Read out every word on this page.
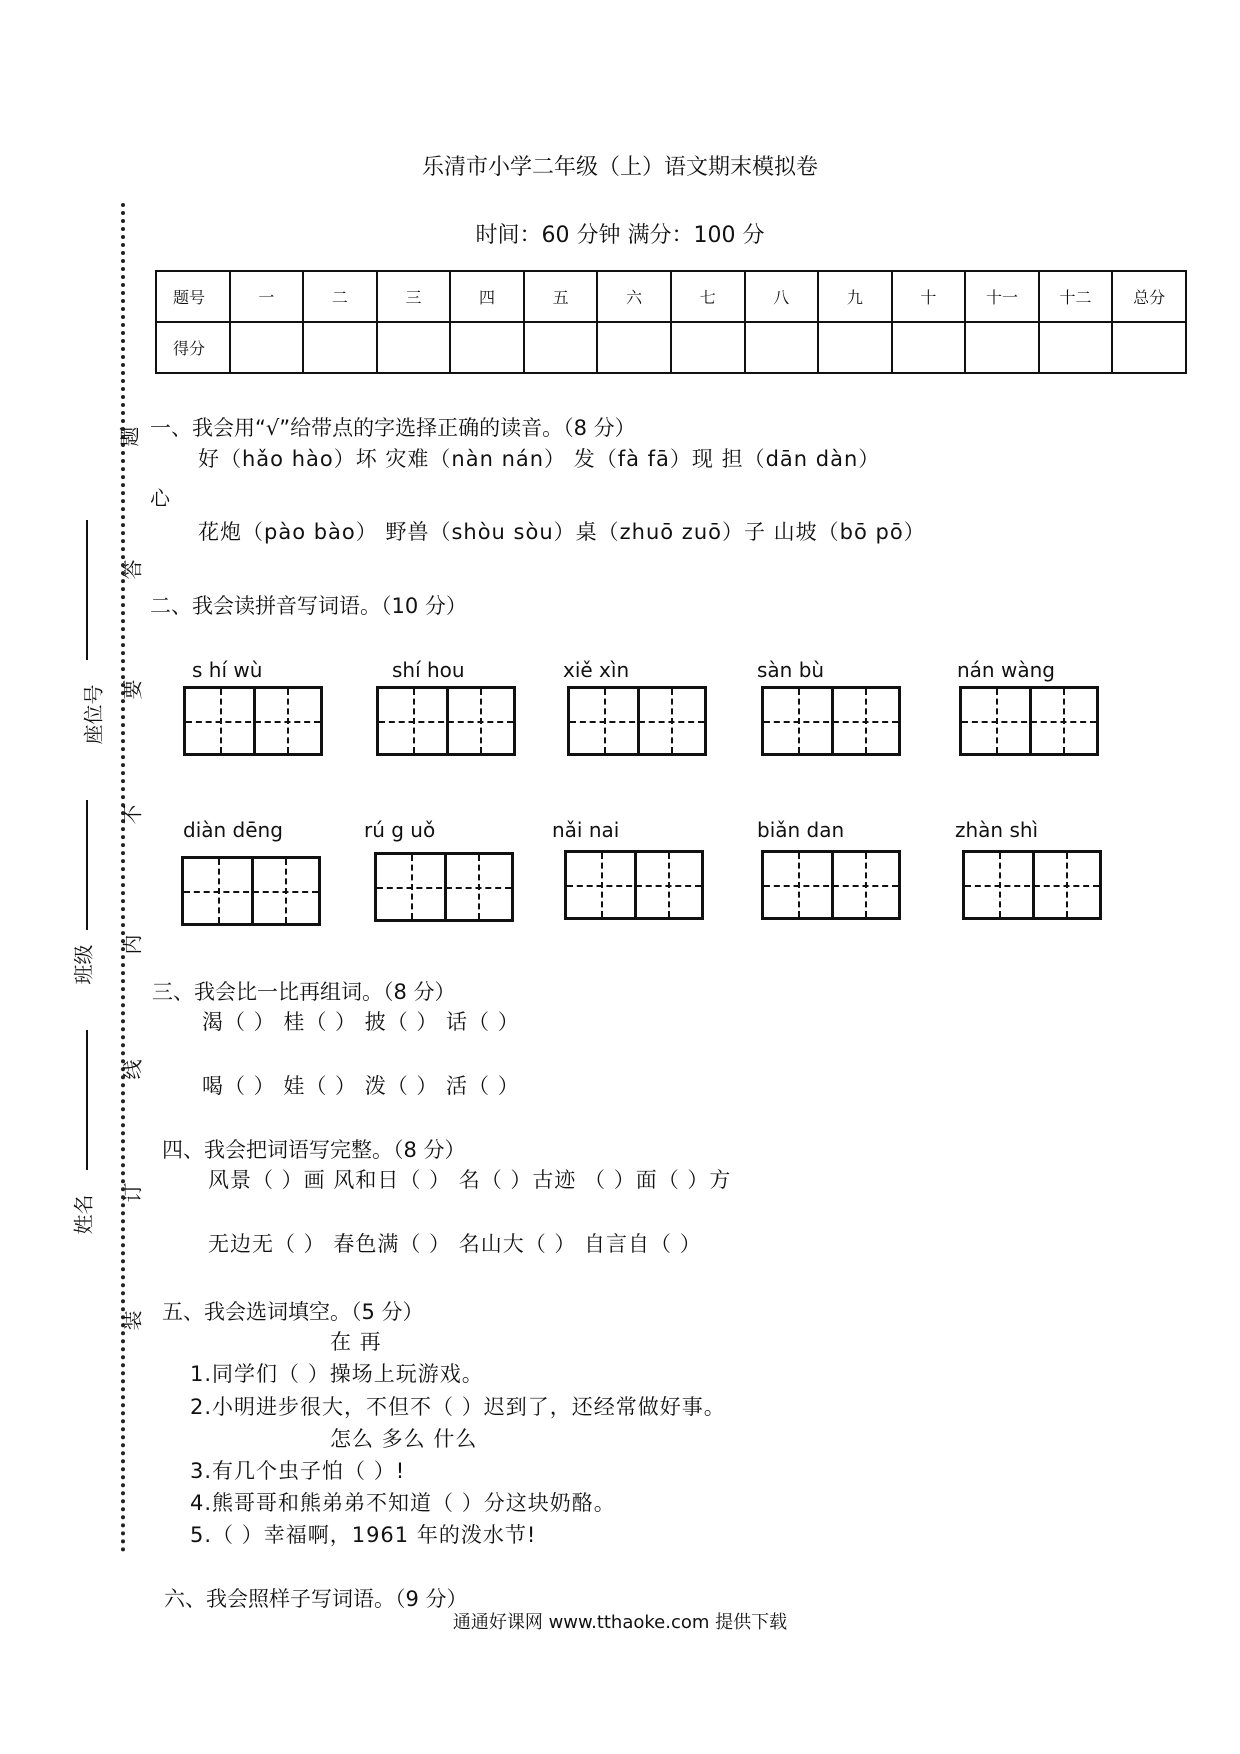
乐清市小学二年级（上）语文期末模拟卷
时间：60 分钟 满分：100 分
题
心
答
要
不
内
线
订
装
座位号
班级
姓名
题号	一	二	三	四	五	六	七	八	九	十	十一	十二	总分
得分													
一、我会用“√”给带点的字选择正确的读音。（8 分）
好（hǎo hào）坏 灾难（nàn nán） 发（fà fā）现 担（dān dàn）
花炮（pào bào） 野兽（shòu sòu）桌（zhuō zuō）子 山坡（bō pō）
二、我会读拼音写词语。（10 分）
s hí wù	shí hou	xiě xìn	sàn bù	nán wàng
diàn dēng	rú g uǒ	nǎi nai	biǎn dan	zhàn shì
三、我会比一比再组词。（8 分）
渴（ ） 桂（ ） 披（ ） 话（ ）
喝（ ） 娃（ ） 泼（ ） 活（ ）
四、我会把词语写完整。（8 分）
风景（ ）画 风和日（ ） 名（ ）古迹 （ ）面（ ）方
无边无（ ） 春色满（ ） 名山大（ ） 自言自（ ）
五、我会选词填空。（5 分）
在 再
1.同学们（ ）操场上玩游戏。
2.小明进步很大，不但不（ ）迟到了，还经常做好事。
怎么 多么 什么
3.有几个虫子怕（ ）!
4.熊哥哥和熊弟弟不知道（ ）分这块奶酪。
5.（ ）幸福啊，1961 年的泼水节!
六、我会照样子写词语。（9 分）
通通好课网 www.tthaoke.com 提供下载
